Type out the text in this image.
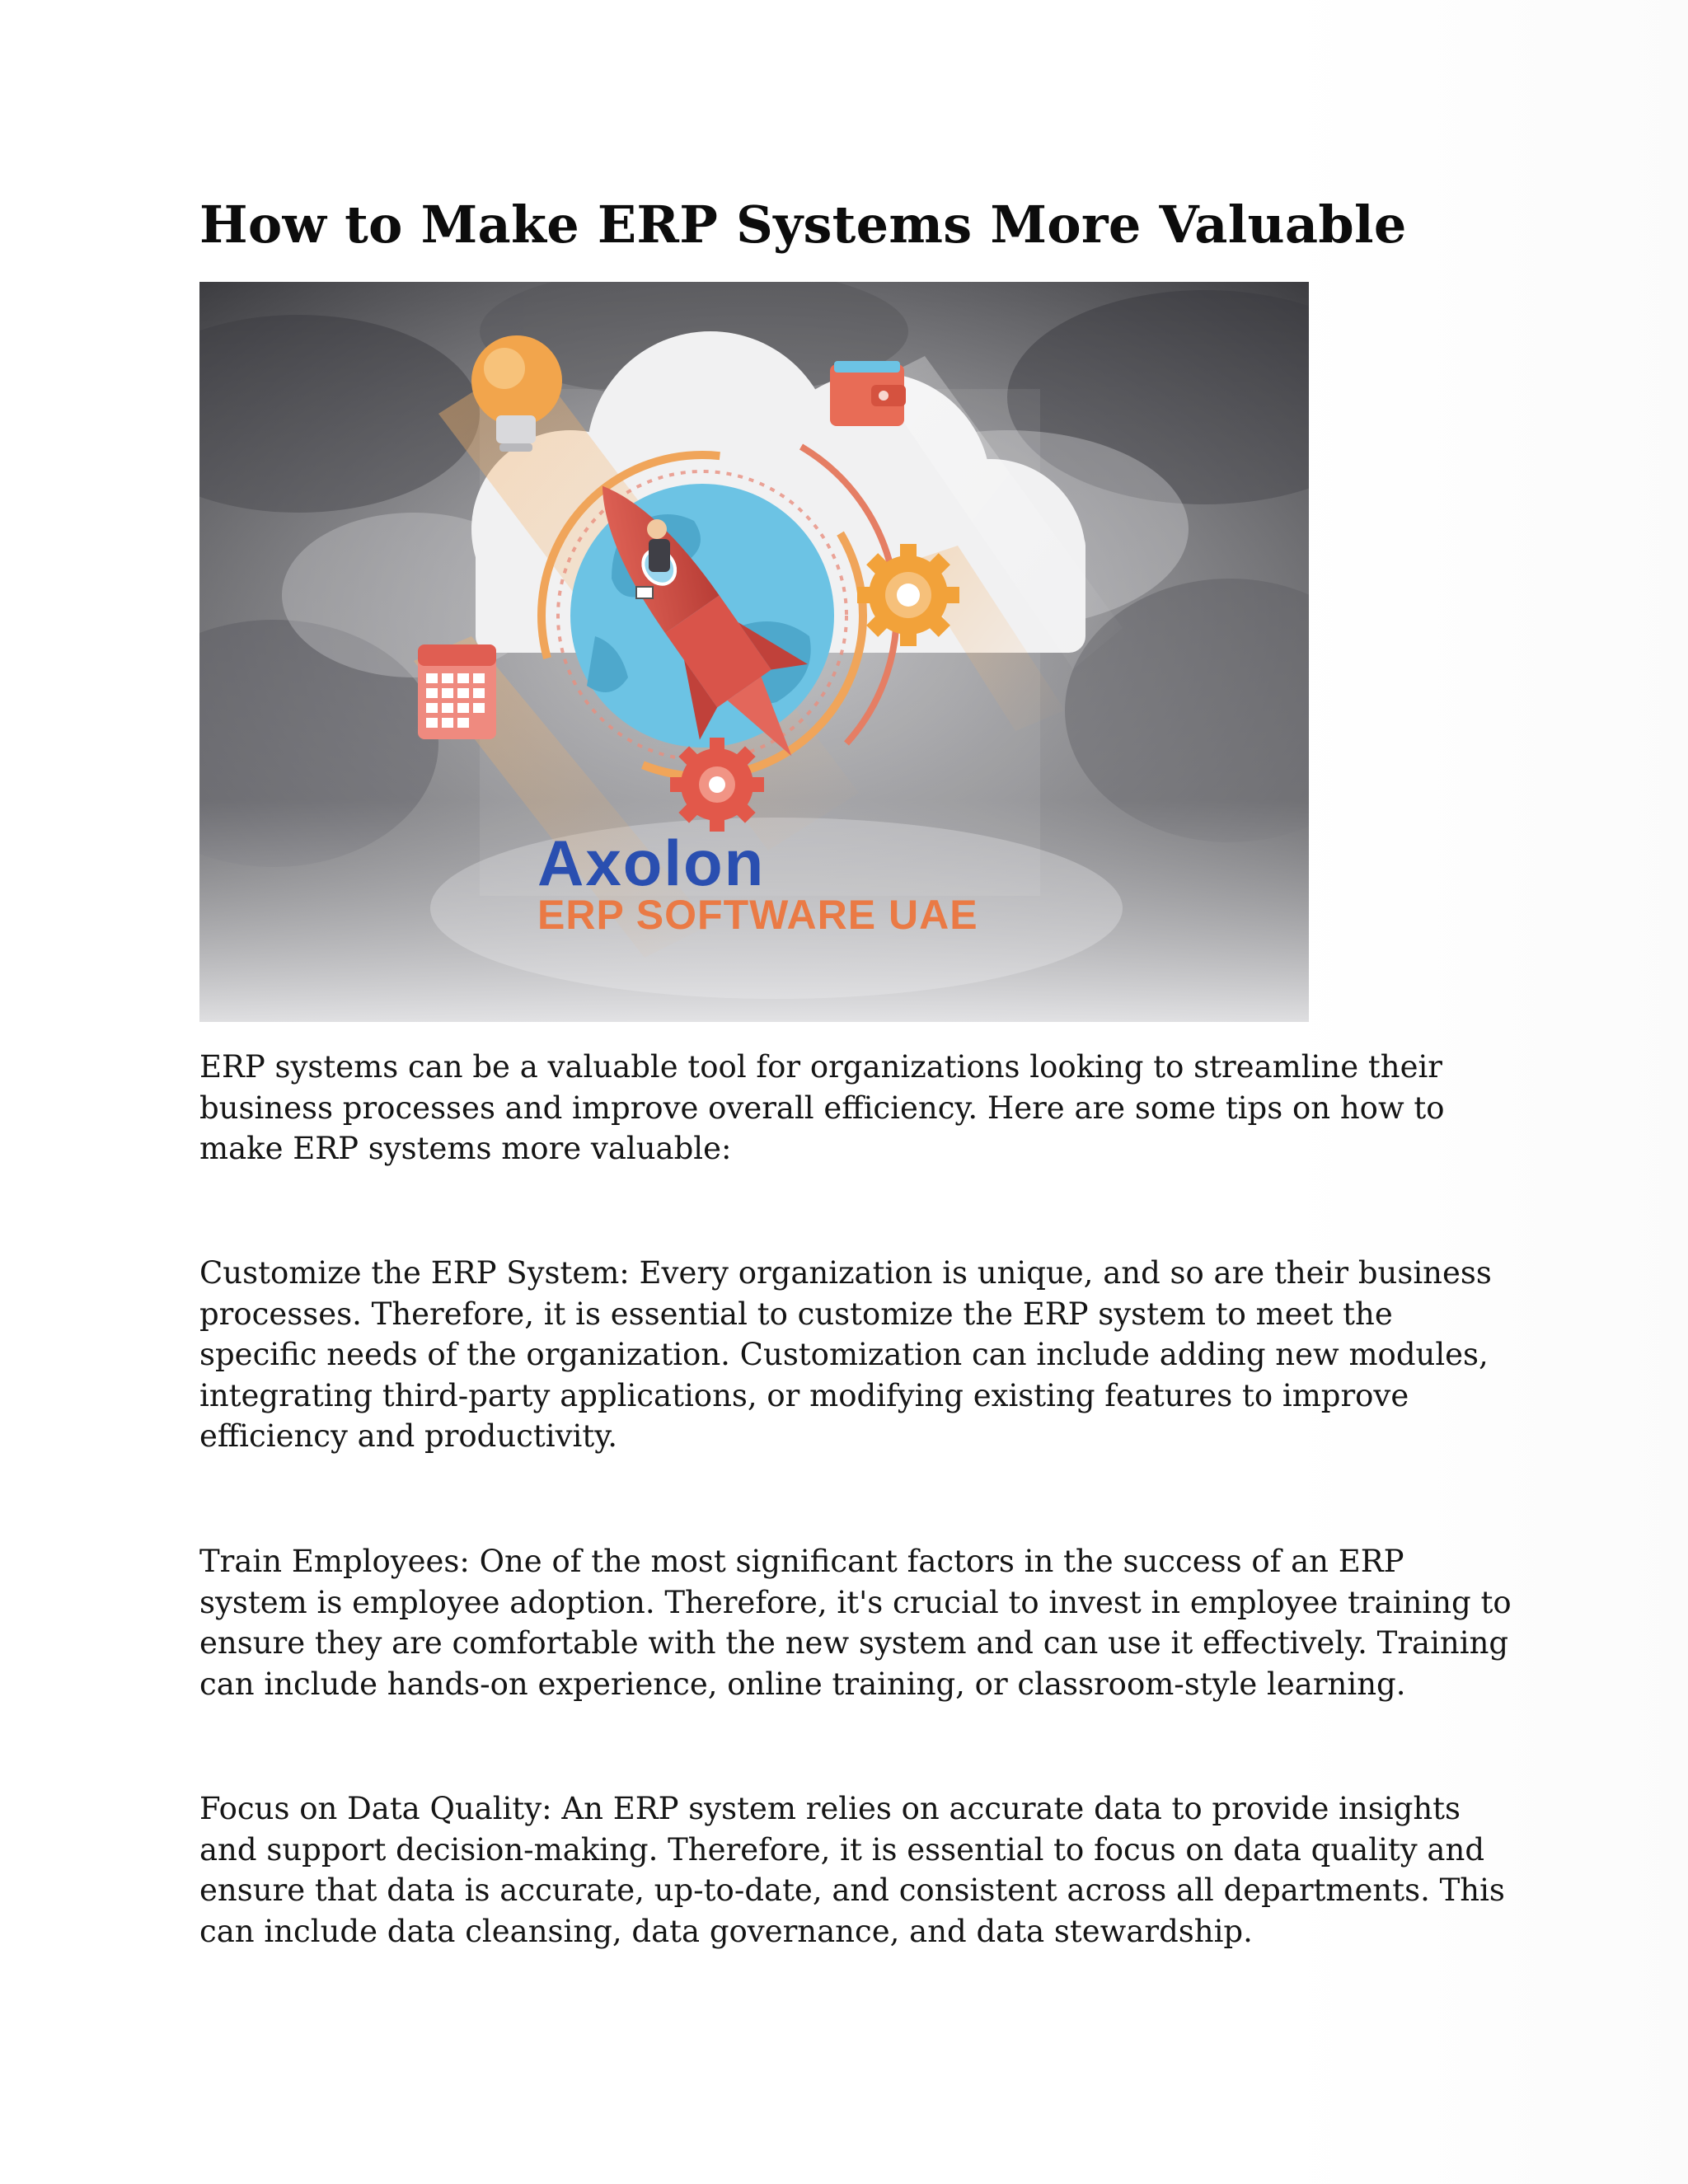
How to Make ERP Systems More Valuable
Axolon
ERP SOFTWARE UAE

ERP systems can be a valuable tool for organizations looking to streamline their business processes and improve overall efficiency. Here are some tips on how to make ERP systems more valuable:

Customize the ERP System: Every organization is unique, and so are their business processes. Therefore, it is essential to customize the ERP system to meet the specific needs of the organization. Customization can include adding new modules, integrating third-party applications, or modifying existing features to improve efficiency and productivity.

Train Employees: One of the most significant factors in the success of an ERP system is employee adoption. Therefore, it's crucial to invest in employee training to ensure they are comfortable with the new system and can use it effectively. Training can include hands-on experience, online training, or classroom-style learning.

Focus on Data Quality: An ERP system relies on accurate data to provide insights and support decision-making. Therefore, it is essential to focus on data quality and ensure that data is accurate, up-to-date, and consistent across all departments. This can include data cleansing, data governance, and data stewardship.
